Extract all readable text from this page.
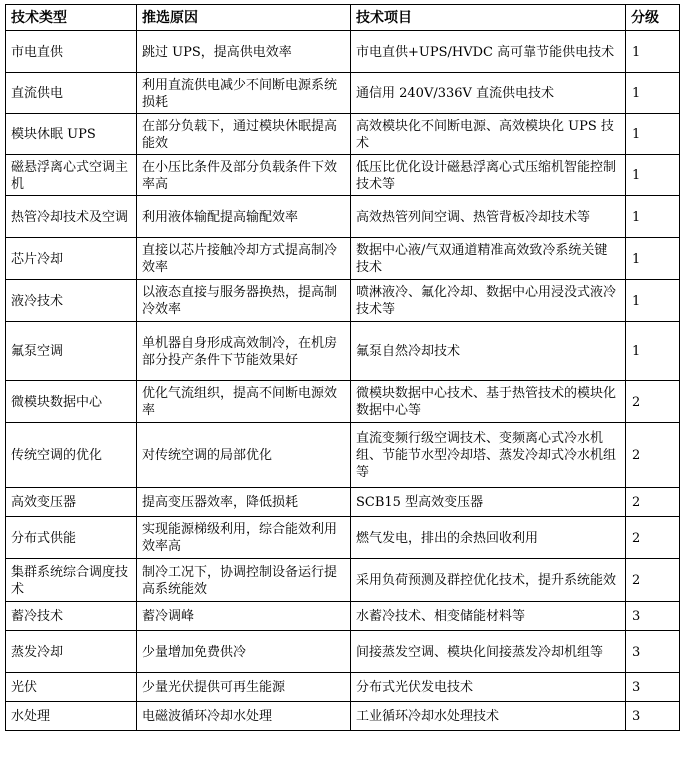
技术类型	推选原因	技术项目	分级
市电直供	跳过 UPS，提高供电效率	市电直供+UPS/HVDC 高可靠节能供电技术	1
直流供电	利用直流供电减少不间断电源系统损耗	通信用 240V/336V 直流供电技术	1
模块休眠 UPS	在部分负载下，通过模块休眠提高能效	高效模块化不间断电源、高效模块化 UPS 技术	1
磁悬浮离心式空调主机	在小压比条件及部分负载条件下效率高	低压比优化设计磁悬浮离心式压缩机智能控制技术等	1
热管冷却技术及空调	利用液体输配提高输配效率	高效热管列间空调、热管背板冷却技术等	1
芯片冷却	直接以芯片接触冷却方式提高制冷效率	数据中心液/气双通道精准高效致冷系统关键技术	1
液冷技术	以液态直接与服务器换热，提高制冷效率	喷淋液冷、氟化冷却、数据中心用浸没式液冷技术等	1
氟泵空调	单机器自身形成高效制冷，在机房部分投产条件下节能效果好	氟泵自然冷却技术	1
微模块数据中心	优化气流组织，提高不间断电源效率	微模块数据中心技术、基于热管技术的模块化数据中心等	2
传统空调的优化	对传统空调的局部优化	直流变频行级空调技术、变频离心式冷水机组、节能节水型冷却塔、蒸发冷却式冷水机组等	2
高效变压器	提高变压器效率，降低损耗	SCB15 型高效变压器	2
分布式供能	实现能源梯级利用，综合能效利用效率高	燃气发电，排出的余热回收利用	2
集群系统综合调度技术	制冷工况下，协调控制设备运行提高系统能效	采用负荷预测及群控优化技术，提升系统能效	2
蓄冷技术	蓄冷调峰	水蓄冷技术、相变储能材料等	3
蒸发冷却	少量增加免费供冷	间接蒸发空调、模块化间接蒸发冷却机组等	3
光伏	少量光伏提供可再生能源	分布式光伏发电技术	3
水处理	电磁波循环冷却水处理	工业循环冷却水处理技术	3
